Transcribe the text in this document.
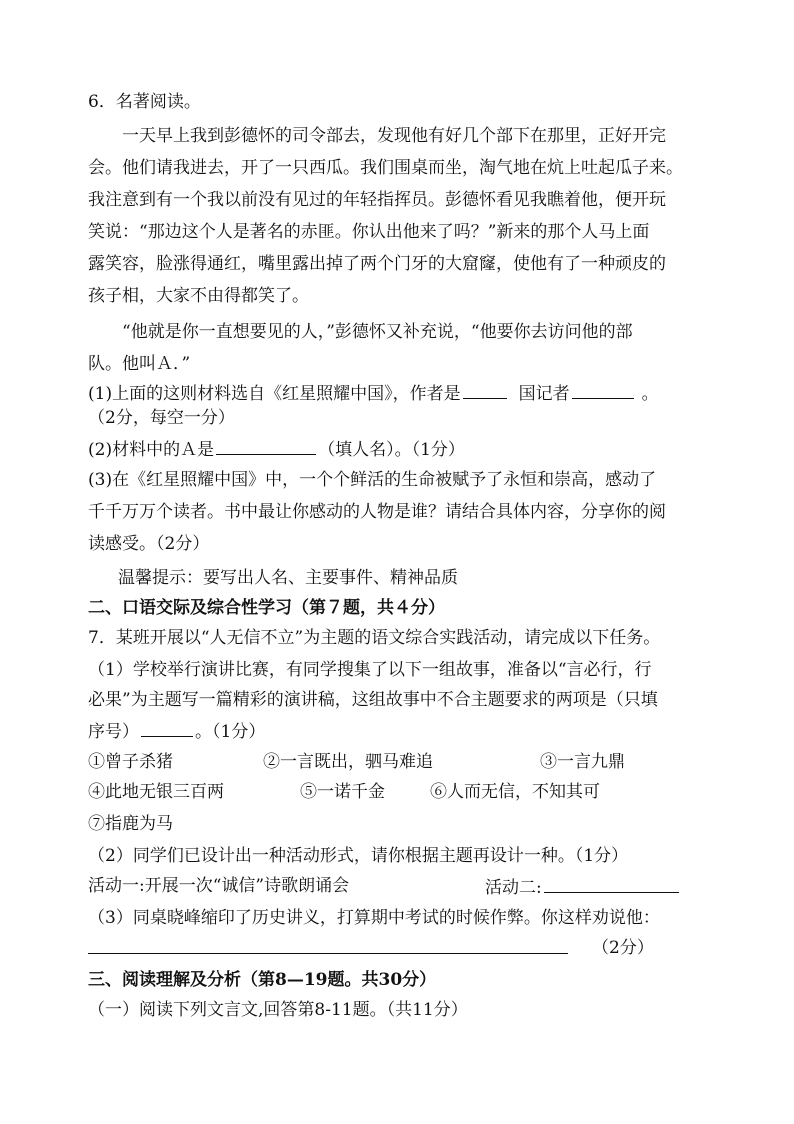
6．名著阅读。
一天早上我到彭德怀的司令部去，发现他有好几个部下在那里，正好开完
会。他们请我进去，开了一只西瓜。我们围桌而坐，淘气地在炕上吐起瓜子来。
我注意到有一个我以前没有见过的年轻指挥员。彭德怀看见我瞧着他，便开玩
笑说：“那边这个人是著名的赤匪。你认出他来了吗？”新来的那个人马上面
露笑容，脸涨得通红，嘴里露出掉了两个门牙的大窟窿，使他有了一种顽皮的
孩子相，大家不由得都笑了。
“他就是你一直想要见的人，”彭德怀又补充说，“他要你去访问他的部
队。他叫Ａ．”
(1)上面的这则材料选自《红星照耀中国》，作者是	国记者	。
（2分，每空一分）
(2)材料中的Ａ是	（填人名）。（1分）
(3)在《红星照耀中国》中，一个个鲜活的生命被赋予了永恒和崇高，感动了
千千万万个读者。书中最让你感动的人物是谁？请结合具体内容，分享你的阅
读感受。（2分）
温馨提示：要写出人名、主要事件、精神品质
二、口语交际及综合性学习（第７题，共４分）
7．某班开展以“人无信不立”为主题的语文综合实践活动，请完成以下任务。
（1）学校举行演讲比赛，有同学搜集了以下一组故事，准备以“言必行，行
必果”为主题写一篇精彩的演讲稿，这组故事中不合主题要求的两项是（只填
序号）	。（1分）
①曾子杀猪	②一言既出，驷马难追	③一言九鼎
④此地无银三百两	⑤一诺千金	⑥人而无信，不知其可
⑦指鹿为马
（2）同学们已设计出一种活动形式，请你根据主题再设计一种。（1分）
活动一:开展一次“诚信”诗歌朗诵会	活动二:
（3）同桌晓峰缩印了历史讲义，打算期中考试的时候作弊。你这样劝说他：
（2分）
三、阅读理解及分析（第8—19题。共30分）
（一）阅读下列文言文,回答第8-11题。（共11分）
